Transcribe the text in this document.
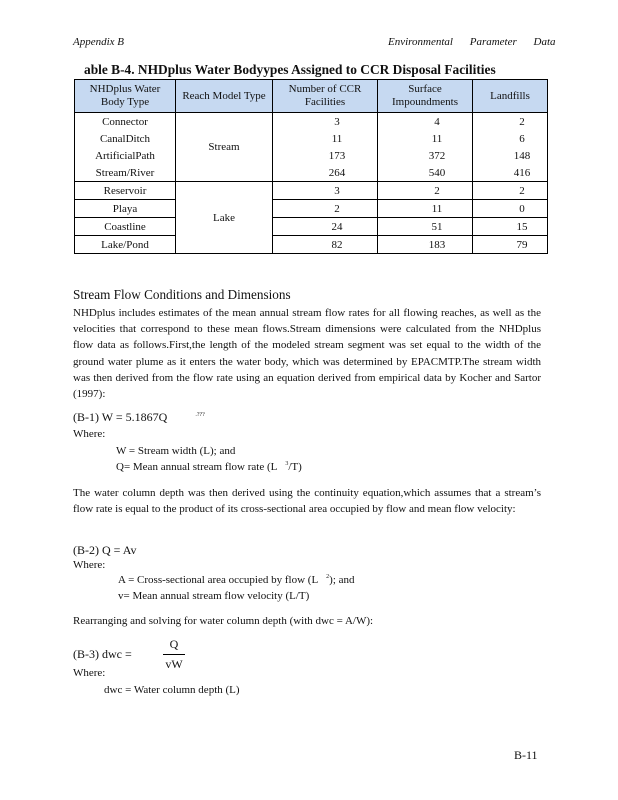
Appendix B	Environmental Parameter Data
able B-4. NHDplus Water Bodyypes Assigned to CCR Disposal Facilities
NHDplus Water Body Type	Reach Model Type	Number of CCR Facilities	Surface Impoundments	Landfills
Connector	Stream	3	4	2
CanalDitch		11	11	6
ArtificialPath		173	372	148
Stream/River		264	540	416
Reservoir	Lake	3	2	2
Playa		2	11	0
Coastline		24	51	15
Lake/Pond		82	183	79
Stream Flow Conditions and Dimensions
NHDplus includes estimates of the mean annual stream flow rates for all flowing reaches, as well as the velocities that correspond to these mean flows.Stream dimensions were calculated from the NHDplus flow data as follows.First,the length of the modeled stream segment was set equal to the width of the ground water plume as it enters the water body, which was determined by EPACMTP.The stream width was then derived from the flow rate using an equation derived from empirical data by Kocher and Sartor (1997):
(B-1) W = 5.1867Q	.???
Where:
W = Stream width (L); and
Q= Mean annual stream flow rate (L $^3$/T)
The water column depth was then derived using the continuity equation,which assumes that a stream’s flow rate is equal to the product of its cross-sectional area occupied by flow and mean flow velocity:
(B-2) Q = Av
Where:
A = Cross-sectional area occupied by flow (L $^2$); and
v= Mean annual stream flow velocity (L/T)
Rearranging and solving for water column depth (with dwc = A/W):
(B-3) dwc =
Q
vW
Where:
dwc = Water column depth (L)
B-11
